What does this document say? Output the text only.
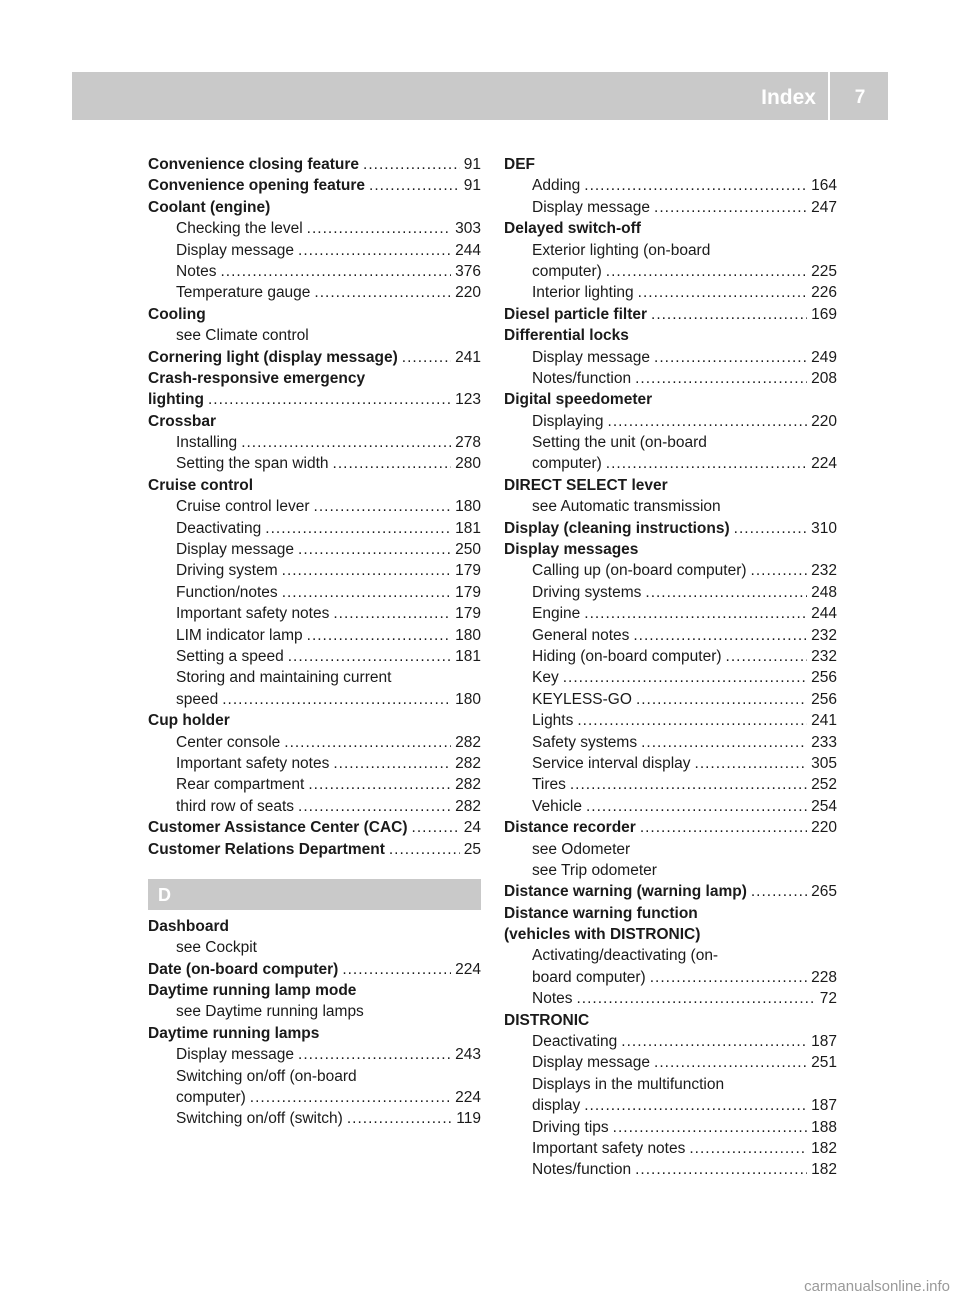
Index	7
Convenience closing feature .....	91
Convenience opening feature .....	91
Coolant (engine)
Checking the level .....	303
Display message .....	244
Notes .....	376
Temperature gauge .....	220
Cooling
see Climate control
Cornering light (display message) .....	241
Crash-responsive emergency
lighting .....	123
Crossbar
Installing .....	278
Setting the span width .....	280
Cruise control
Cruise control lever .....	180
Deactivating .....	181
Display message .....	250
Driving system .....	179
Function/notes .....	179
Important safety notes .....	179
LIM indicator lamp .....	180
Setting a speed .....	181
Storing and maintaining current
speed .....	180
Cup holder
Center console .....	282
Important safety notes .....	282
Rear compartment .....	282
third row of seats .....	282
Customer Assistance Center (CAC) .....	24
Customer Relations Department .....	25
D
Dashboard
see Cockpit
Date (on-board computer) .....	224
Daytime running lamp mode
see Daytime running lamps
Daytime running lamps
Display message .....	243
Switching on/off (on-board
computer) .....	224
Switching on/off (switch) .....	119
DEF
Adding .....	164
Display message .....	247
Delayed switch-off
Exterior lighting (on-board
computer) .....	225
Interior lighting .....	226
Diesel particle filter .....	169
Differential locks
Display message .....	249
Notes/function .....	208
Digital speedometer
Displaying .....	220
Setting the unit (on-board
computer) .....	224
DIRECT SELECT lever
see Automatic transmission
Display (cleaning instructions) .....	310
Display messages
Calling up (on-board computer) .....	232
Driving systems .....	248
Engine .....	244
General notes .....	232
Hiding (on-board computer) .....	232
Key .....	256
KEYLESS-GO .....	256
Lights .....	241
Safety systems .....	233
Service interval display .....	305
Tires .....	252
Vehicle .....	254
Distance recorder .....	220
see Odometer
see Trip odometer
Distance warning (warning lamp) .....	265
Distance warning function
(vehicles with DISTRONIC)
Activating/deactivating (on-
board computer) .....	228
Notes .....	72
DISTRONIC
Deactivating .....	187
Display message .....	251
Displays in the multifunction
display .....	187
Driving tips .....	188
Important safety notes .....	182
Notes/function .....	182
carmanualsonline.info
